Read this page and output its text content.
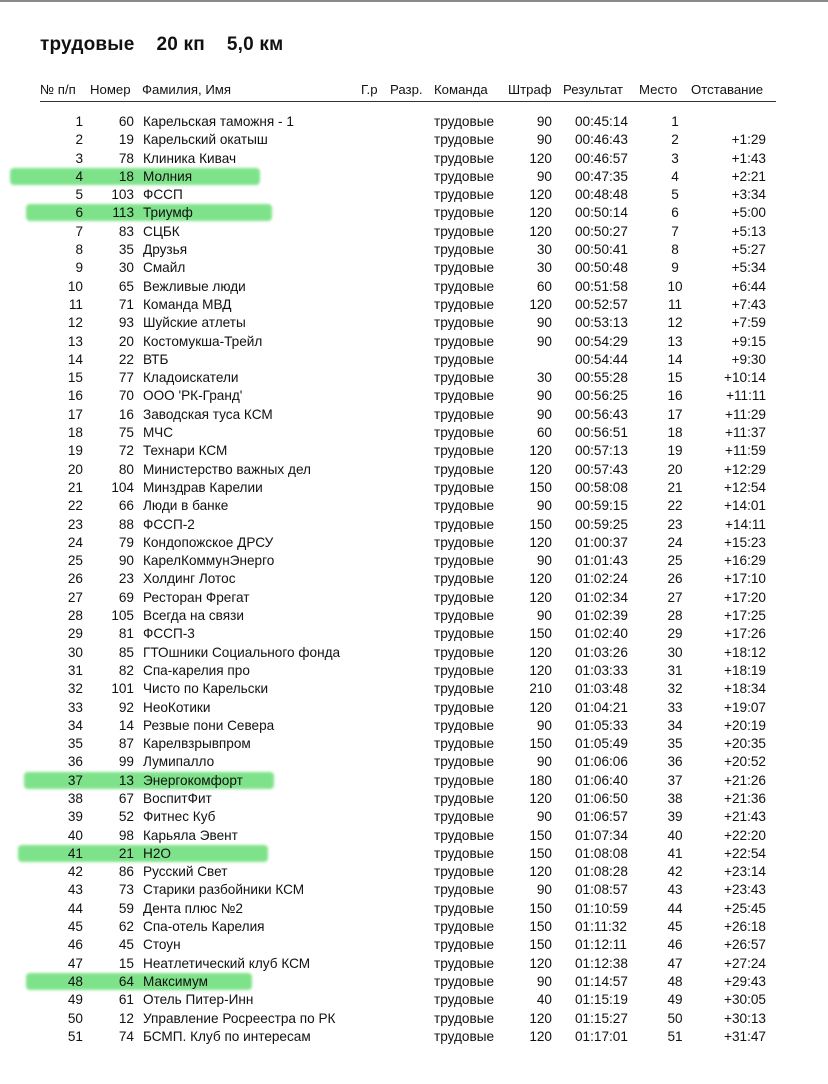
трудовые 20 кп 5,0 км
№ п/п Номер Фамилия, Имя	Г.р Разр. Команда Штраф Результат Место Отставание
1	60 Карельская таможня - 1	трудовые	90 00:45:14	1
2	19 Карельский окатыш	трудовые	90 00:46:43	2	+1:29
3	78 Клиника Кивач	трудовые	120 00:46:57	3	+1:43
4	18 Молния	трудовые	90 00:47:35	4	+2:21
5 103 ФССП	трудовые	120 00:48:48	5	+3:34
6 113 Триумф	трудовые	120 00:50:14	6	+5:00
7	83 СЦБК	трудовые	120 00:50:27	7	+5:13
8	35 Друзья	трудовые	30 00:50:41	8	+5:27
9	30 Смайл	трудовые	30 00:50:48	9	+5:34
10	65 Вежливые люди	трудовые	60 00:51:58	10	+6:44
11	71 Команда МВД	трудовые	120 00:52:57	11	+7:43
12	93 Шуйские атлеты	трудовые	90 00:53:13	12	+7:59
13	20 Костомукша-Трейл	трудовые	90 00:54:29	13	+9:15
14	22 ВТБ	трудовые	00:54:44	14	+9:30
15	77 Кладоискатели	трудовые	30 00:55:28	15	+10:14
16	70 ООО 'РК-Гранд'	трудовые	90 00:56:25	16	+11:11
17	16 Заводская туса КСМ	трудовые	90 00:56:43	17	+11:29
18	75 МЧС	трудовые	60 00:56:51	18	+11:37
19	72 Технари КСМ	трудовые	120 00:57:13	19	+11:59
20	80 Министерство важных дел	трудовые	120 00:57:43	20	+12:29
21 104 Минздрав Карелии	трудовые	150 00:58:08	21	+12:54
22	66 Люди в банке	трудовые	90 00:59:15	22	+14:01
23	88 ФССП-2	трудовые	150 00:59:25	23	+14:11
24	79 Кондопожское ДРСУ	трудовые	120 01:00:37	24	+15:23
25	90 КарелКоммунЭнерго	трудовые	90 01:01:43	25	+16:29
26	23 Холдинг Лотос	трудовые	120 01:02:24	26	+17:10
27	69 Ресторан Фрегат	трудовые	120 01:02:34	27	+17:20
28 105 Всегда на связи	трудовые	90 01:02:39	28	+17:25
29	81 ФССП-3	трудовые	150 01:02:40	29	+17:26
30	85 ГТОшники Социального фонда	трудовые	120 01:03:26	30	+18:12
31	82 Спа-карелия про	трудовые	120 01:03:33	31	+18:19
32 101 Чисто по Карельски	трудовые	210 01:03:48	32	+18:34
33	92 НеоКотики	трудовые	120 01:04:21	33	+19:07
34	14 Резвые пони Севера	трудовые	90 01:05:33	34	+20:19
35	87 Карелвзрывпром	трудовые	150 01:05:49	35	+20:35
36	99 Лумипалло	трудовые	90 01:06:06	36	+20:52
37	13 Энергокомфорт	трудовые	180 01:06:40	37	+21:26
38	67 ВоспитФит	трудовые	120 01:06:50	38	+21:36
39	52 Фитнес Куб	трудовые	90 01:06:57	39	+21:43
40	98 Карьяла Эвент	трудовые	150 01:07:34	40	+22:20
41	21 H2O	трудовые	150 01:08:08	41	+22:54
42	86 Русский Свет	трудовые	120 01:08:28	42	+23:14
43	73 Старики разбойники КСМ	трудовые	90 01:08:57	43	+23:43
44	59 Дента плюс №2	трудовые	150 01:10:59	44	+25:45
45	62 Спа-отель Карелия	трудовые	150 01:11:32	45	+26:18
46	45 Стоун	трудовые	150 01:12:11	46	+26:57
47	15 Неатлетический клуб КСМ	трудовые	120 01:12:38	47	+27:24
48	64 Максимум	трудовые	90 01:14:57	48	+29:43
49	61 Отель Питер-Инн	трудовые	40 01:15:19	49	+30:05
50	12 Управление Росреестра по РК	трудовые	120 01:15:27	50	+30:13
51	74 БСМП. Клуб по интересам	трудовые	120 01:17:01	51	+31:47
